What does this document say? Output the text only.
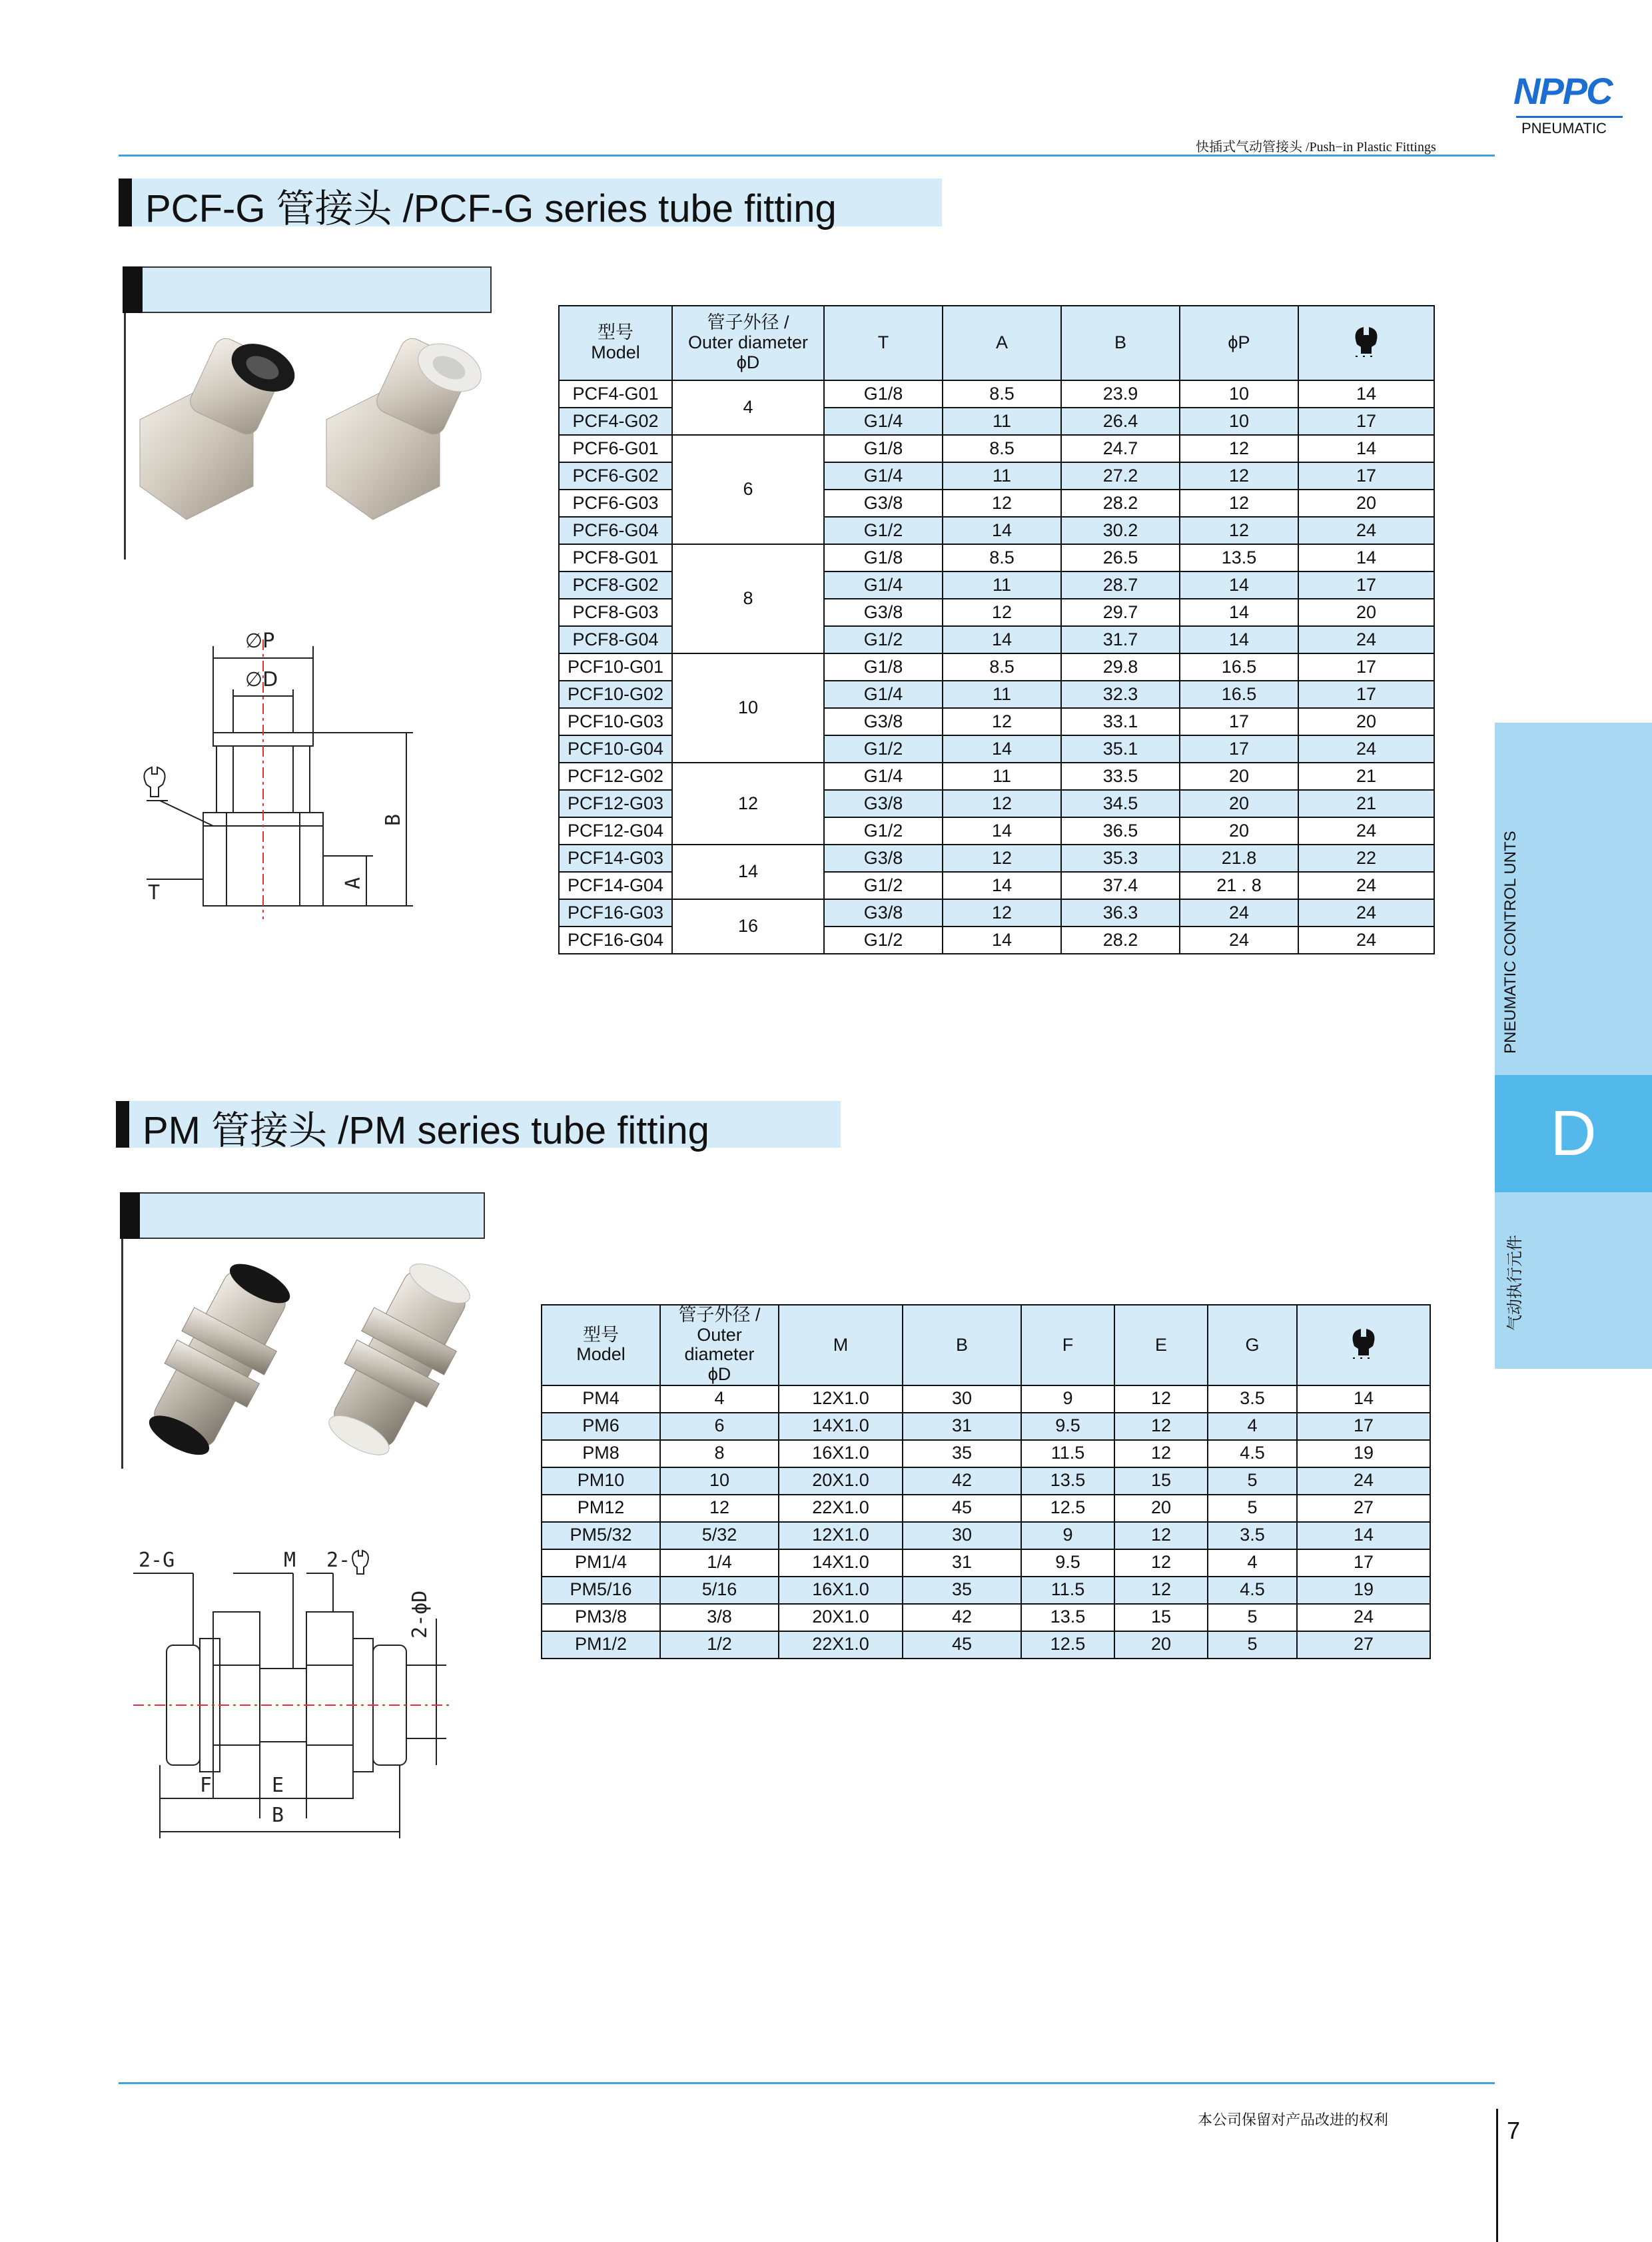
NPPC
PNEUMATIC
快插式气动管接头 /Push−in Plastic Fittings
PCF-G 管接头 /PCF-G series tube fitting
∅P
∅D
B
A
T
型号
Model	管子外径 /
Outer diameter
ϕD	T	A	B	ϕP	
PCF4-G01	4	G1/8	8.5	23.9	10	14
PCF4-G02		G1/4	11	26.4	10	17
PCF6-G01	6	G1/8	8.5	24.7	12	14
PCF6-G02		G1/4	11	27.2	12	17
PCF6-G03		G3/8	12	28.2	12	20
PCF6-G04		G1/2	14	30.2	12	24
PCF8-G01	8	G1/8	8.5	26.5	13.5	14
PCF8-G02		G1/4	11	28.7	14	17
PCF8-G03		G3/8	12	29.7	14	20
PCF8-G04		G1/2	14	31.7	14	24
PCF10-G01	10	G1/8	8.5	29.8	16.5	17
PCF10-G02		G1/4	11	32.3	16.5	17
PCF10-G03		G3/8	12	33.1	17	20
PCF10-G04		G1/2	14	35.1	17	24
PCF12-G02	12	G1/4	11	33.5	20	21
PCF12-G03		G3/8	12	34.5	20	21
PCF12-G04		G1/2	14	36.5	20	24
PCF14-G03	14	G3/8	12	35.3	21.8	22
PCF14-G04		G1/2	14	37.4	21 . 8	24
PCF16-G03	16	G3/8	12	36.3	24	24
PCF16-G04		G1/2	14	28.2	24	24
PM 管接头 /PM series tube fitting
2-G	M 2-
2-ϕD
F	E
B
型号
Model	管子外径 /
Outer diameter
ϕD	M	B	F	E	G	
PM4	4	12X1.0	30	9	12	3.5	14
PM6	6	14X1.0	31	9.5	12	4	17
PM8	8	16X1.0	35	11.5	12	4.5	19
PM10	10	20X1.0	42	13.5	15	5	24
PM12	12	22X1.0	45	12.5	20	5	27
PM5/32	5/32	12X1.0	30	9	12	3.5	14
PM1/4	1/4	14X1.0	31	9.5	12	4	17
PM5/16	5/16	16X1.0	35	11.5	12	4.5	19
PM3/8	3/8	20X1.0	42	13.5	15	5	24
PM1/2	1/2	22X1.0	45	12.5	20	5	27
PNEUMATIC CONTROL UNTS
D
气动执行元件
本公司保留对产品改进的权利	7
